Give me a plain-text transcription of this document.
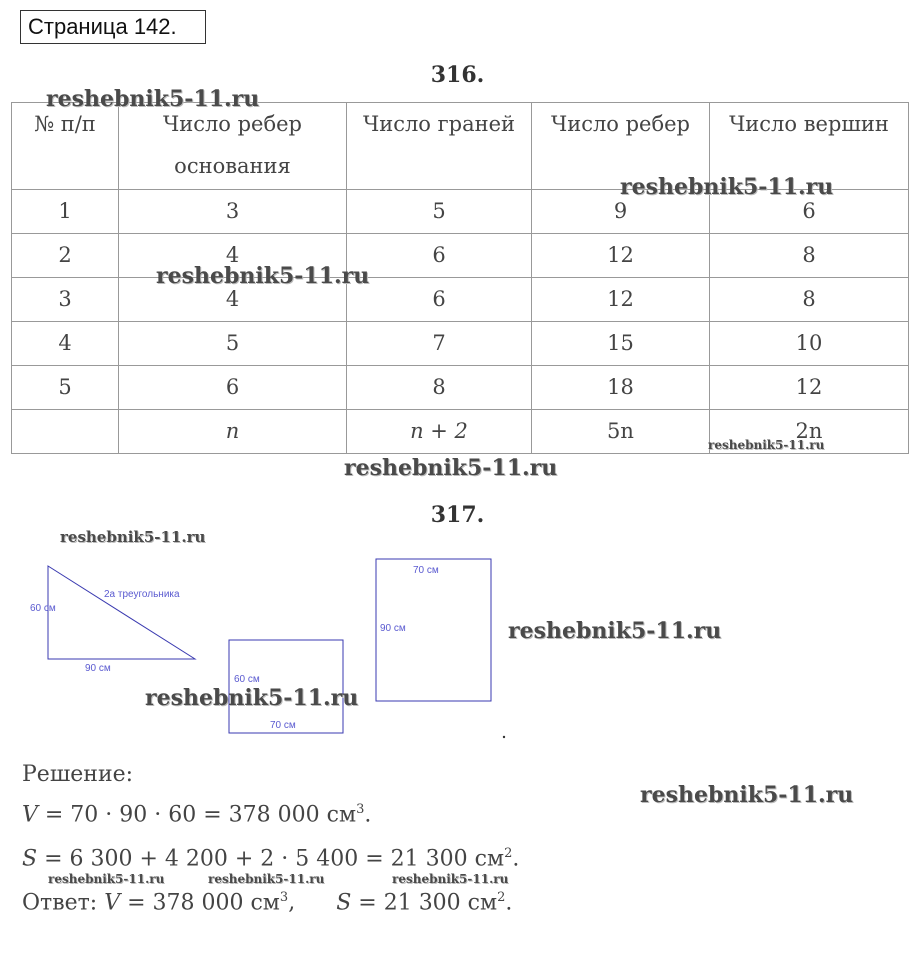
Страница 142.
316.
№ п/п	Число ребер основания	Число граней	Число ребер	Число вершин
1	3	5	9	6
2	4	6	12	8
3	4	6	12	8
4	5	7	15	10
5	6	8	18	12
	n	n + 2	5n	2n
317.
60 см
90 см
2а треугольника
60 см
70 см
70 см
90 см
Решение:
V = 70 · 90 · 60 = 378 000 $см^3$.
S = 6 300 + 4 200 + 2 · 5 400 = 21 300 $см^2$.
Ответ: V = 378 000 $см^3$, S = 21 300 $см^2$.
reshebnik5-11.ru
reshebnik5-11.ru
reshebnik5-11.ru
reshebnik5-11.ru
reshebnik5-11.ru
reshebnik5-11.ru
reshebnik5-11.ru
reshebnik5-11.ru
reshebnik5-11.ru
reshebnik5-11.ru	reshebnik5-11.ru	reshebnik5-11.ru
